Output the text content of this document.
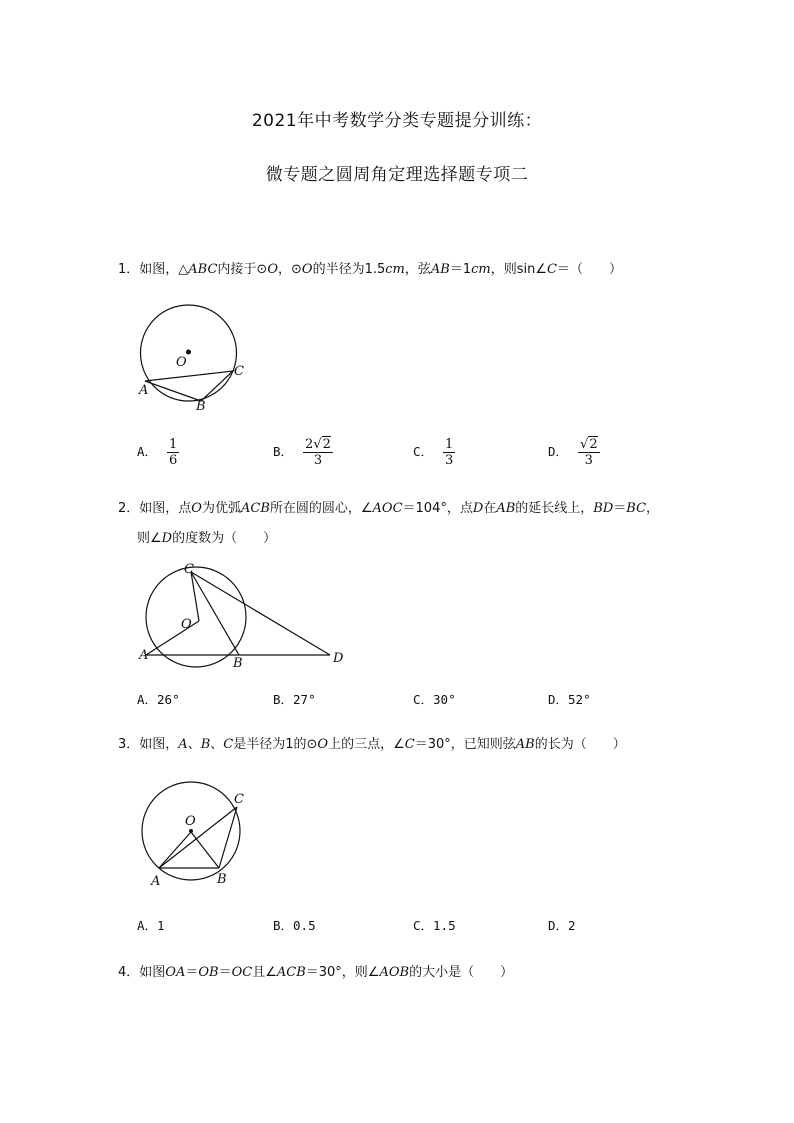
2021年中考数学分类专题提分训练：
微专题之圆周角定理选择题专项二
1．如图，△ABC内接于⊙O，⊙O的半径为1.5cm，弦AB＝1cm，则sin∠C＝（　　）
O
A
B
C
A． $\frac{1}{6}$	B． $\frac{2√2}{3}$	C． $\frac{1}{3}$	D． $\frac{√2}{3}$
2．如图，点O为优弧ACB所在圆的圆心，∠AOC＝104°，点D在AB的延长线上，BD＝BC，
则∠D的度数为（　　）
C
O
A
B	D
A．26°	B．27°	C．30°	D．52°
3．如图，A、B、C是半径为1的⊙O上的三点，∠C＝30°，已知则弦AB的长为（　　）
O
A	B
C
A．1	B．0.5	C．1.5	D．2
4．如图OA＝OB＝OC且∠ACB＝30°，则∠AOB的大小是（　　）
